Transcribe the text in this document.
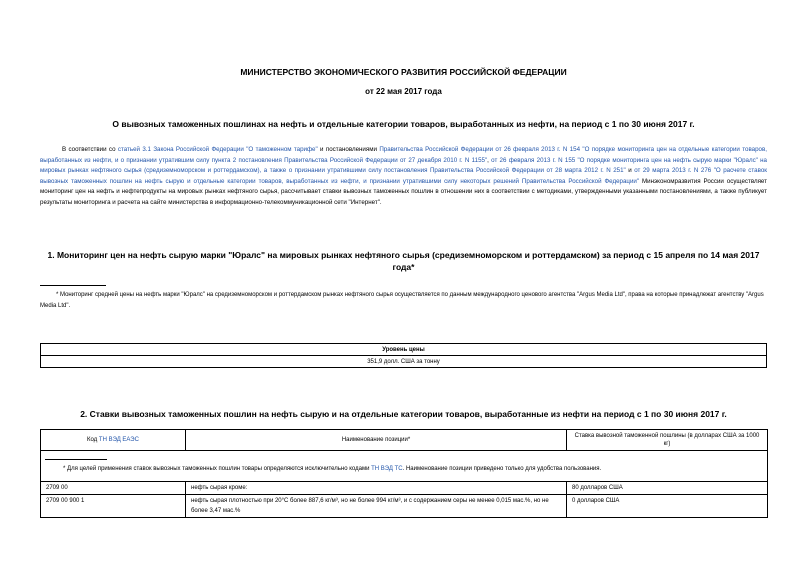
МИНИСТЕРСТВО ЭКОНОМИЧЕСКОГО РАЗВИТИЯ РОССИЙСКОЙ ФЕДЕРАЦИИ
от 22 мая 2017 года
О вывозных таможенных пошлинах на нефть и отдельные категории товаров, выработанных из нефти, на период с 1 по 30 июня 2017 г.

В соответствии со статьей 3.1 Закона Российской Федерации "О таможенном тарифе" и постановлениями Правительства Российской Федерации от 26 февраля 2013 г. N 154 "О порядке мониторинга цен на отдельные категории товаров, выработанных из нефти, и о признании утратившим силу пункта 2 постановления Правительства Российской Федерации от 27 декабря 2010 г. N 1155", от 26 февраля 2013 г. N 155 "О порядке мониторинга цен на нефть сырую марки "Юралс" на мировых рынках нефтяного сырья (средиземноморском и роттердамском), а также о признании утратившими силу постановления Правительства Российской Федерации от 28 марта 2012 г. N 251" и от 29 марта 2013 г. N 276 "О расчете ставок вывозных таможенных пошлин на нефть сырую и отдельные категории товаров, выработанных из нефти, и признании утратившими силу некоторых решений Правительства Российской Федерации" Минэкономразвития России осуществляет мониторинг цен на нефть и нефтепродукты на мировых рынках нефтяного сырья, рассчитывает ставки вывозных таможенных пошлин в отношении них в соответствии с методиками, утвержденными указанными постановлениями, а также публикует результаты мониторинга и расчета на сайте министерства в информационно-телекоммуникационной сети "Интернет".

1. Мониторинг цен на нефть сырую марки "Юралс" на мировых рынках нефтяного сырья (средиземноморском и роттердамском) за период с 15 апреля по 14 мая 2017 года*

* Мониторинг средней цены на нефть марки "Юралс" на средиземноморском и роттердамском рынках нефтяного сырья осуществляется по данным международного ценового агентства "Argus Media Ltd", права на которые принадлежат агентству "Argus Media Ltd".

Уровень цены
351,9 долл. США за тонну
2. Ставки вывозных таможенных пошлин на нефть сырую и на отдельные категории товаров, выработанные из нефти на период с 1 по 30 июня 2017 г.
Код ТН ВЭД ЕАЭС	Наименование позиции*	Ставка вывозной таможенной пошлины (в долларах США за 1000 кг)

* Для целей применения ставок вывозных таможенных пошлин товары определяются исключительно кодами ТН ВЭД ТС. Наименование позиции приведено только для удобства пользования.		

2709 00	нефть сырая кроме:	80 долларов США
2709 00 900 1	нефть сырая плотностью при 20°С более 887,6 кг/м³, но не более 994 кг/м³, и с содержанием серы не менее 0,015 мас.%, но не более 3,47 мас.%	0 долларов США
